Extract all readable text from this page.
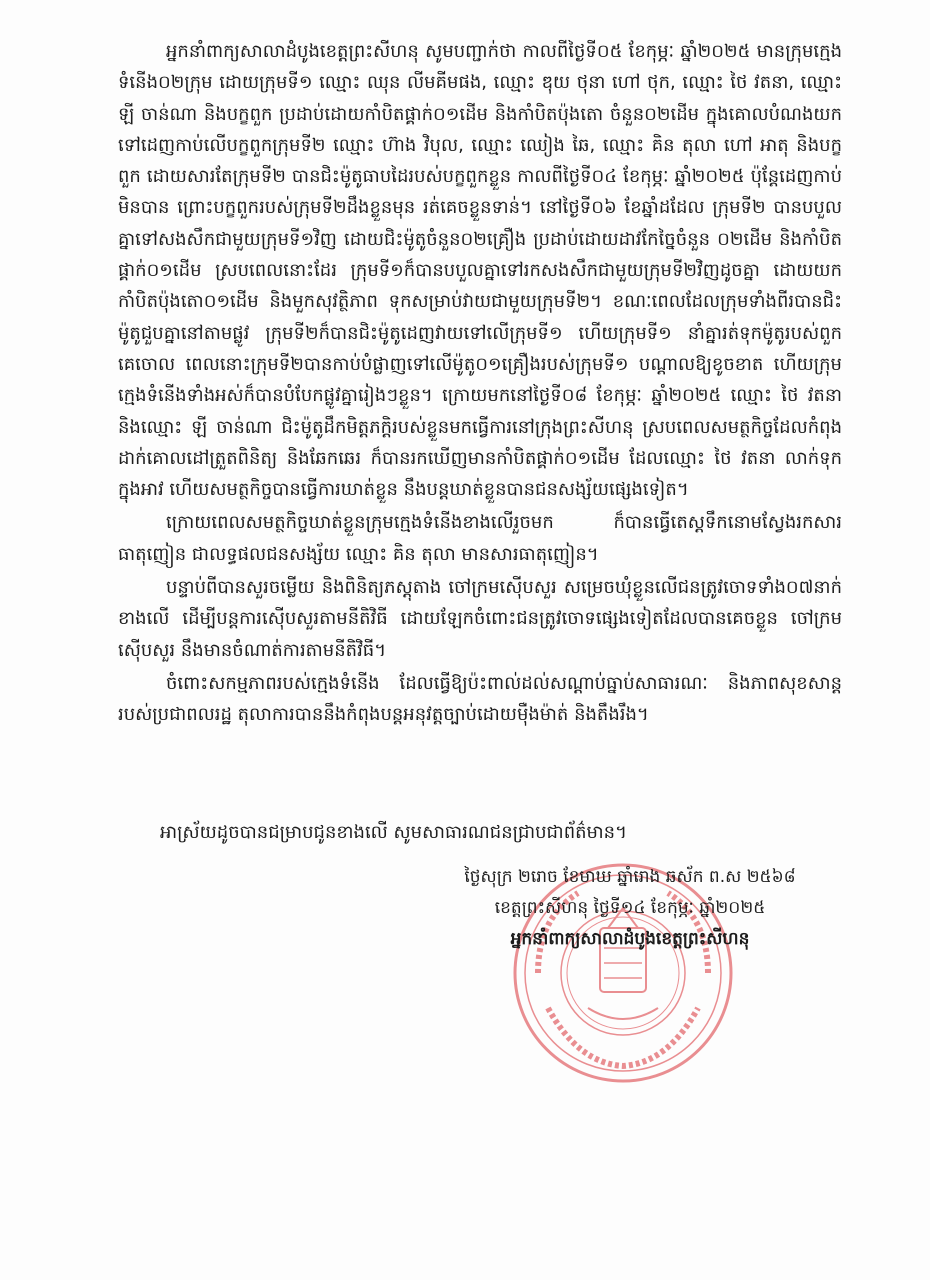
អ្នកនាំពាក្យសាលាដំបូងខេត្តព្រះសីហនុ សូមបញ្ជាក់ថា កាលពីថ្ងៃទី០៥ ខែកុម្ភៈ ឆ្នាំ២០២៥ មានក្រុមក្មេងទំនើង០២ក្រុម ដោយក្រុមទី១ ឈ្មោះ ឈុន លីមគីមផង, ឈ្មោះ ឌុយ ថុនា ហៅ ថុក, ឈ្មោះ ថៃ វតនា, ឈ្មោះ ឡី ចាន់ណា និងបក្ខពួក ប្រដាប់ដោយកាំបិតផ្គាក់០១ដើម និងកាំបិតប៉ុងតោ ចំនួន០២ដើម ក្នុងគោលបំណងយកទៅដេញកាប់លើបក្ខពួកក្រុមទី២ ឈ្មោះ ហ៊ាង វិបុល, ឈ្មោះ ឈៀង ឆៃ, ឈ្មោះ គិន តុលា ហៅ អាតុ និងបក្ខពួក ដោយសារតែក្រុមទី២ បានជិះម៉ូតូធាបដៃរបស់បក្ខពួកខ្លួន កាលពីថ្ងៃទី០៤ ខែកុម្ភៈ ឆ្នាំ២០២៥ ប៉ុន្តែដេញកាប់មិនបាន ព្រោះបក្ខពួករបស់ក្រុមទី២ដឹងខ្លួនមុន រត់គេចខ្លួនទាន់។ នៅថ្ងៃទី០៦ ខែឆ្នាំដដែល ក្រុមទី២ បានបបួលគ្នាទៅសងសឹកជាមួយក្រុមទី១វិញ ដោយជិះម៉ូតូចំនួន០២គ្រឿង ប្រដាប់ដោយដាវកែច្នៃចំនួន ០២ដើម និងកាំបិតផ្គាក់០១ដើម ស្របពេលនោះដែរ ក្រុមទី១ក៏បានបបួលគ្នាទៅរកសងសឹកជាមួយក្រុមទី២វិញដូចគ្នា ដោយយកកាំបិតប៉ុងតោ០១ដើម និងមួកសុវត្ថិភាព ទុកសម្រាប់វាយជាមួយក្រុមទី២។ ខណៈពេលដែលក្រុមទាំងពីរបានជិះម៉ូតូជួបគ្នានៅតាមផ្លូវ ក្រុមទី២ក៏បានជិះម៉ូតូដេញវាយទៅលើក្រុមទី១ ហើយក្រុមទី១ នាំគ្នារត់ទុកម៉ូតូរបស់ពួកគេចោល ពេលនោះក្រុមទី២បានកាប់បំផ្លាញទៅលើម៉ូតូ០១គ្រឿងរបស់ក្រុមទី១ បណ្តាលឱ្យខូចខាត ហើយក្រុមក្មេងទំនើងទាំងអស់ក៏បានបំបែកផ្លូវគ្នារៀងៗខ្លួន។ ក្រោយមកនៅថ្ងៃទី០៨ ខែកុម្ភៈ ឆ្នាំ២០២៥ ឈ្មោះ ថៃ វតនា និងឈ្មោះ ឡី ចាន់ណា ជិះម៉ូតូដឹកមិត្តភក្តិរបស់ខ្លួនមកធ្វើការនៅក្រុងព្រះសីហនុ ស្របពេលសមត្ថកិច្ចដែលកំពុងដាក់គោលដៅត្រួតពិនិត្យ និងឆែកឆេរ ក៏បានរកឃើញមានកាំបិតផ្គាក់០១ដើម ដែលឈ្មោះ ថៃ វតនា លាក់ទុកក្នុងអាវ ហើយសមត្ថកិច្ចបានធ្វើការឃាត់ខ្លួន នឹងបន្តឃាត់ខ្លួនបានជនសង្ស័យផ្សេងទៀត។

ក្រោយពេលសមត្ថកិច្ចឃាត់ខ្លួនក្រុមក្មេងទំនើងខាងលើរួចមក ក៏បានធ្វើតេស្តទឹកនោមស្វែងរកសារធាតុញៀន ជាលទ្ធផលជនសង្ស័យ ឈ្មោះ គិន តុលា មានសារធាតុញៀន។

បន្ទាប់ពីបានសួរចម្លើយ និងពិនិត្យភស្តុតាង ចៅក្រមស៊ើបសួរ សម្រេចឃុំខ្លួនលើជនត្រូវចោទទាំង០៧នាក់ខាងលើ ដើម្បីបន្តការស៊ើបសួរតាមនីតិវិធី ដោយឡែកចំពោះជនត្រូវចោទផ្សេងទៀតដែលបានគេចខ្លួន ចៅក្រមស៊ើបសួរ នឹងមានចំណាត់ការតាមនីតិវិធី។

ចំពោះសកម្មភាពរបស់ក្មេងទំនើង ដែលធ្វើឱ្យប៉ះពាល់ដល់សណ្តាប់ធ្នាប់សាធារណៈ និងភាពសុខសាន្តរបស់ប្រជាពលរដ្ឋ តុលាការបាននឹងកំពុងបន្តអនុវត្តច្បាប់ដោយម៉ឺងម៉ាត់ និងតឹងរឹង។

អាស្រ័យដូចបានជម្រាបជូនខាងលើ សូមសាធារណជនជ្រាបជាព័ត៌មាន។
ថ្ងៃសុក្រ ២រោច ខែមាឃ ឆ្នាំរោង ឆស័ក ព.ស ២៥៦៨
ខេត្តព្រះសីហនុ ថ្ងៃទី១៤ ខែកុម្ភៈ ឆ្នាំ២០២៥
អ្នកនាំពាក្យសាលាដំបូងខេត្តព្រះសីហនុ
